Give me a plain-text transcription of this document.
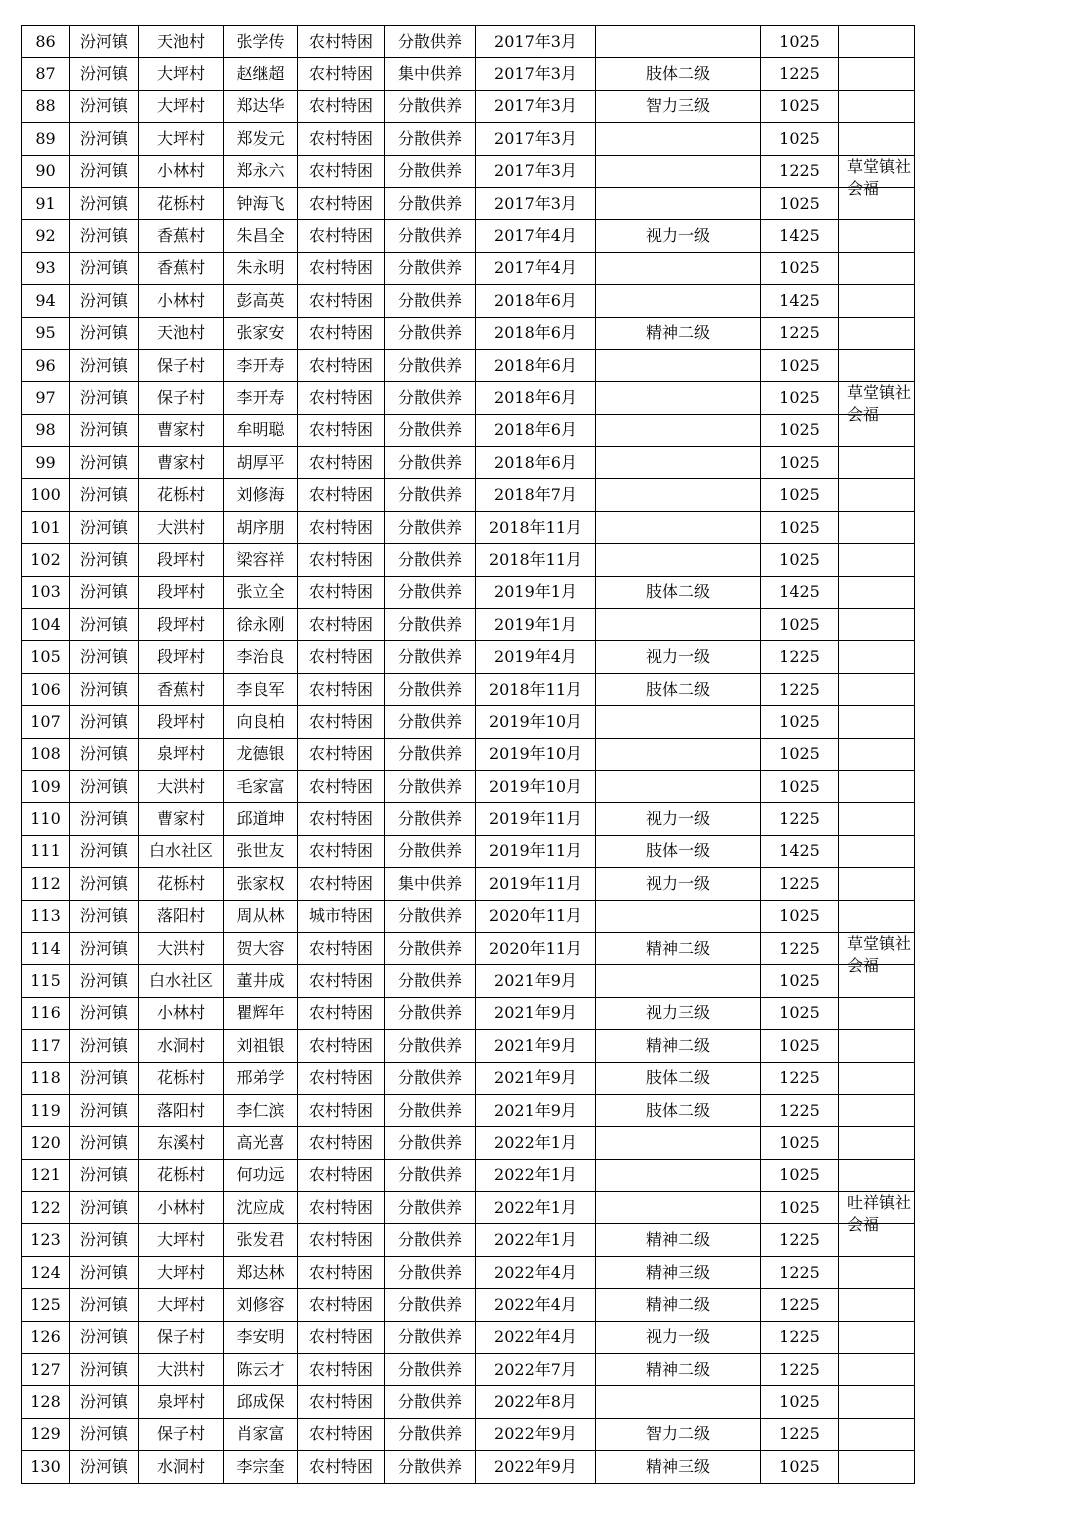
86	汾河镇	天池村	张学传	农村特困	分散供养	2017年3月		1025	

87	汾河镇	大坪村	赵继超	农村特困	集中供养	2017年3月	肢体二级	1225	

88	汾河镇	大坪村	郑达华	农村特困	分散供养	2017年3月	智力三级	1025	

89	汾河镇	大坪村	郑发元	农村特困	分散供养	2017年3月		1025	

90	汾河镇	小林村	郑永六	农村特困	分散供养	2017年3月		1225	草堂镇社会福

91	汾河镇	花栎村	钟海飞	农村特困	分散供养	2017年3月		1025	

92	汾河镇	香蕉村	朱昌全	农村特困	分散供养	2017年4月	视力一级	1425	

93	汾河镇	香蕉村	朱永明	农村特困	分散供养	2017年4月		1025	

94	汾河镇	小林村	彭高英	农村特困	分散供养	2018年6月		1425	

95	汾河镇	天池村	张家安	农村特困	分散供养	2018年6月	精神二级	1225	

96	汾河镇	保子村	李开寿	农村特困	分散供养	2018年6月		1025	

97	汾河镇	保子村	李开寿	农村特困	分散供养	2018年6月		1025	草堂镇社会福

98	汾河镇	曹家村	牟明聪	农村特困	分散供养	2018年6月		1025	

99	汾河镇	曹家村	胡厚平	农村特困	分散供养	2018年6月		1025	

100	汾河镇	花栎村	刘修海	农村特困	分散供养	2018年7月		1025	

101	汾河镇	大洪村	胡序朋	农村特困	分散供养	2018年11月		1025	

102	汾河镇	段坪村	梁容祥	农村特困	分散供养	2018年11月		1025	

103	汾河镇	段坪村	张立全	农村特困	分散供养	2019年1月	肢体二级	1425	

104	汾河镇	段坪村	徐永刚	农村特困	分散供养	2019年1月		1025	

105	汾河镇	段坪村	李治良	农村特困	分散供养	2019年4月	视力一级	1225	

106	汾河镇	香蕉村	李良军	农村特困	分散供养	2018年11月	肢体二级	1225	

107	汾河镇	段坪村	向良柏	农村特困	分散供养	2019年10月		1025	

108	汾河镇	泉坪村	龙德银	农村特困	分散供养	2019年10月		1025	

109	汾河镇	大洪村	毛家富	农村特困	分散供养	2019年10月		1025	

110	汾河镇	曹家村	邱道坤	农村特困	分散供养	2019年11月	视力一级	1225	

111	汾河镇	白水社区	张世友	农村特困	分散供养	2019年11月	肢体一级	1425	

112	汾河镇	花栎村	张家权	农村特困	集中供养	2019年11月	视力一级	1225	

113	汾河镇	落阳村	周从林	城市特困	分散供养	2020年11月		1025	

114	汾河镇	大洪村	贺大容	农村特困	分散供养	2020年11月	精神二级	1225	草堂镇社会福

115	汾河镇	白水社区	董井成	农村特困	分散供养	2021年9月		1025	

116	汾河镇	小林村	瞿辉年	农村特困	分散供养	2021年9月	视力三级	1025	

117	汾河镇	水洞村	刘祖银	农村特困	分散供养	2021年9月	精神二级	1025	

118	汾河镇	花栎村	邢弟学	农村特困	分散供养	2021年9月	肢体二级	1225	

119	汾河镇	落阳村	李仁滨	农村特困	分散供养	2021年9月	肢体二级	1225	

120	汾河镇	东溪村	高光喜	农村特困	分散供养	2022年1月		1025	

121	汾河镇	花栎村	何功远	农村特困	分散供养	2022年1月		1025	

122	汾河镇	小林村	沈应成	农村特困	分散供养	2022年1月		1025	吐祥镇社会福

123	汾河镇	大坪村	张发君	农村特困	分散供养	2022年1月	精神二级	1225	

124	汾河镇	大坪村	郑达林	农村特困	分散供养	2022年4月	精神三级	1225	

125	汾河镇	大坪村	刘修容	农村特困	分散供养	2022年4月	精神二级	1225	

126	汾河镇	保子村	李安明	农村特困	分散供养	2022年4月	视力一级	1225	

127	汾河镇	大洪村	陈云才	农村特困	分散供养	2022年7月	精神二级	1225	

128	汾河镇	泉坪村	邱成保	农村特困	分散供养	2022年8月		1025	

129	汾河镇	保子村	肖家富	农村特困	分散供养	2022年9月	智力二级	1225	

130	汾河镇	水洞村	李宗奎	农村特困	分散供养	2022年9月	精神三级	1025	
